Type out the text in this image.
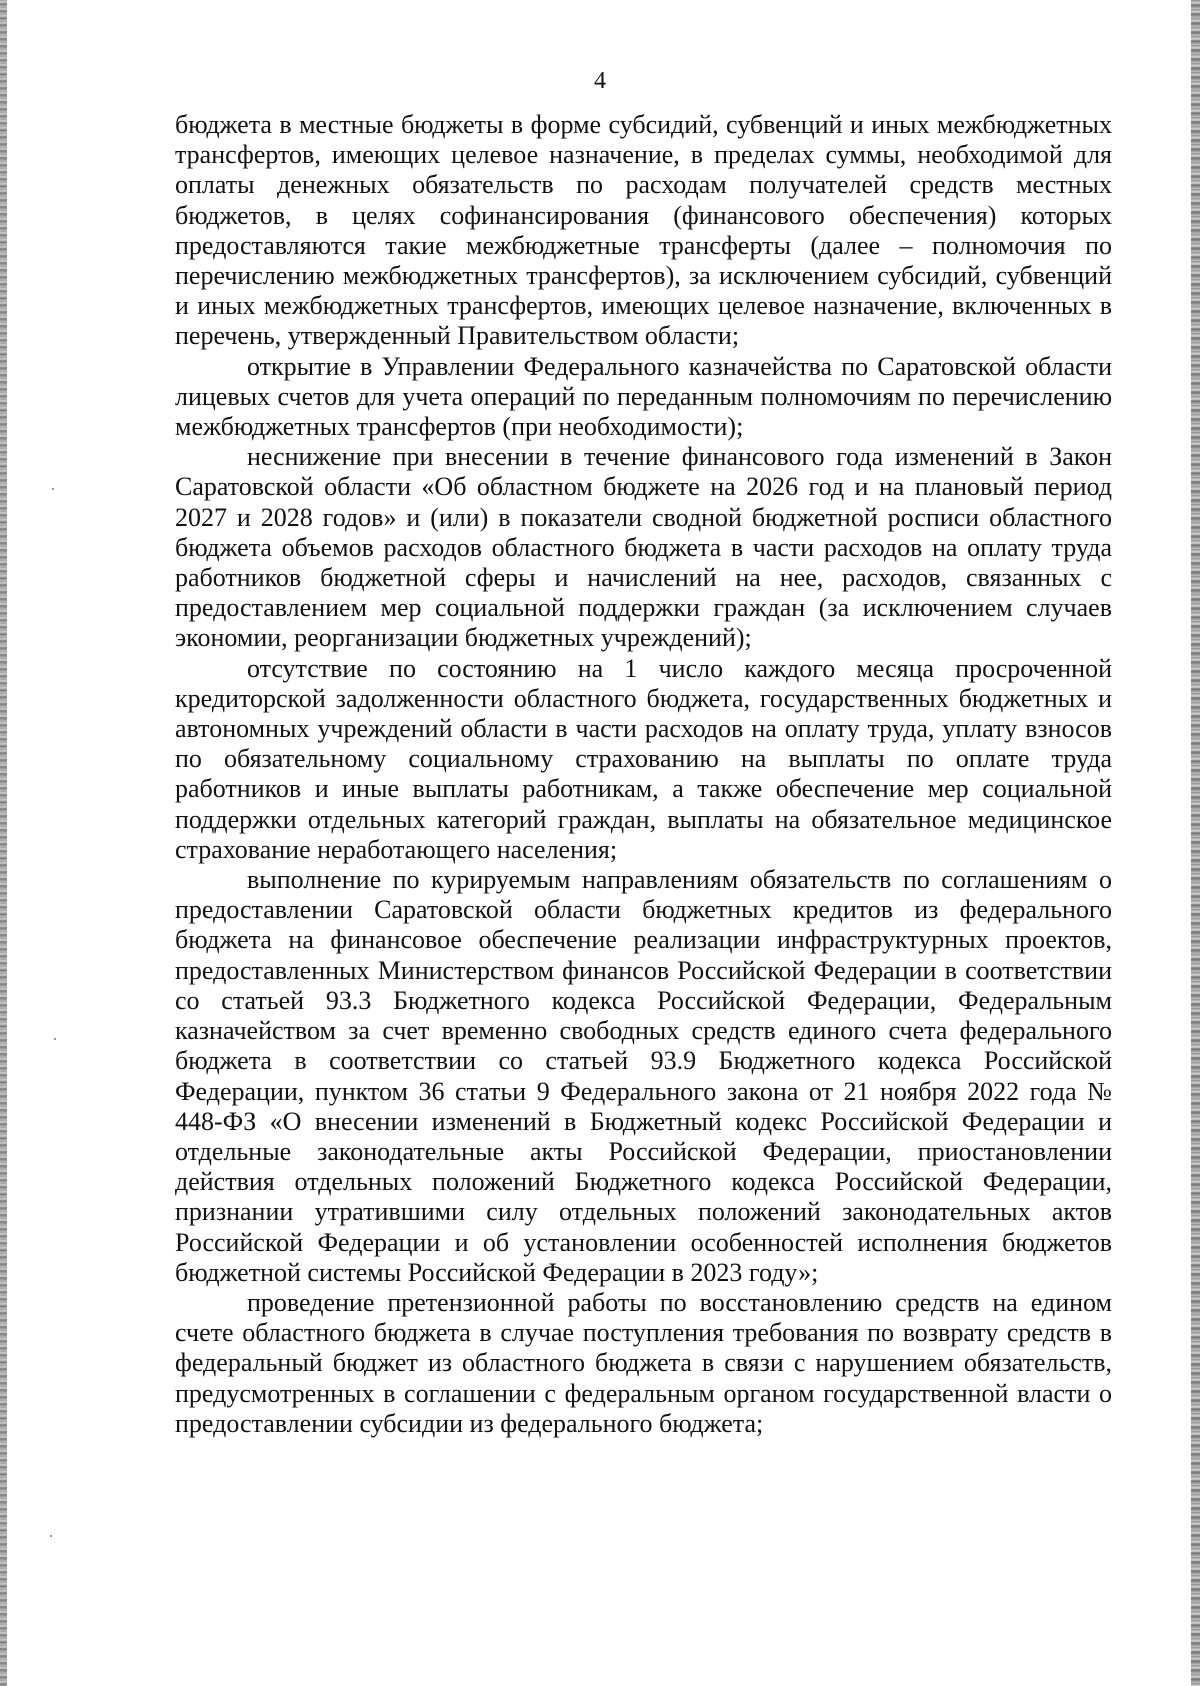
4

бюджета в местные бюджеты в форме субсидий, субвенций и иных межбюджетных трансфертов, имеющих целевое назначение, в пределах суммы, необходимой для оплаты денежных обязательств по расходам получателей средств местных бюджетов, в целях софинансирования (финансового обеспечения) которых предоставляются такие межбюджетные трансферты (далее – полномочия по перечислению межбюджетных трансфертов), за исключением субсидий, субвенций и иных межбюджетных трансфертов, имеющих целевое назначение, включенных в перечень, утвержденный Правительством области;

открытие в Управлении Федерального казначейства по Саратовской области лицевых счетов для учета операций по переданным полномочиям по перечислению межбюджетных трансфертов (при необходимости);

неснижение при внесении в течение финансового года изменений в Закон Саратовской области «Об областном бюджете на 2026 год и на плановый период 2027 и 2028 годов» и (или) в показатели сводной бюджетной росписи областного бюджета объемов расходов областного бюджета в части расходов на оплату труда работников бюджетной сферы и начислений на нее, расходов, связанных с предоставлением мер социальной поддержки граждан (за исключением случаев экономии, реорганизации бюджетных учреждений);

отсутствие по состоянию на 1 число каждого месяца просроченной кредиторской задолженности областного бюджета, государственных бюджетных и автономных учреждений области в части расходов на оплату труда, уплату взносов по обязательному социальному страхованию на выплаты по оплате труда работников и иные выплаты работникам, а также обеспечение мер социальной поддержки отдельных категорий граждан, выплаты на обязательное медицинское страхование неработающего населения;

выполнение по курируемым направлениям обязательств по соглашениям о предоставлении Саратовской области бюджетных кредитов из федерального бюджета на финансовое обеспечение реализации инфраструктурных проектов, предоставленных Министерством финансов Российской Федерации в соответствии со статьей 93.3 Бюджетного кодекса Российской Федерации, Федеральным казначейством за счет временно свободных средств единого счета федерального бюджета в соответствии со статьей 93.9 Бюджетного кодекса Российской Федерации, пунктом 36 статьи 9 Федерального закона от 21 ноября 2022 года № 448-ФЗ «О внесении изменений в Бюджетный кодекс Российской Федерации и отдельные законодательные акты Российской Федерации, приостановлении действия отдельных положений Бюджетного кодекса Российской Федерации, признании утратившими силу отдельных положений законодательных актов Российской Федерации и об установлении особенностей исполнения бюджетов бюджетной системы Российской Федерации в 2023 году»;

проведение претензионной работы по восстановлению средств на едином счете областного бюджета в случае поступления требования по возврату средств в федеральный бюджет из областного бюджета в связи с нарушением обязательств, предусмотренных в соглашении с федеральным органом государственной власти о предоставлении субсидии из федерального бюджета;
